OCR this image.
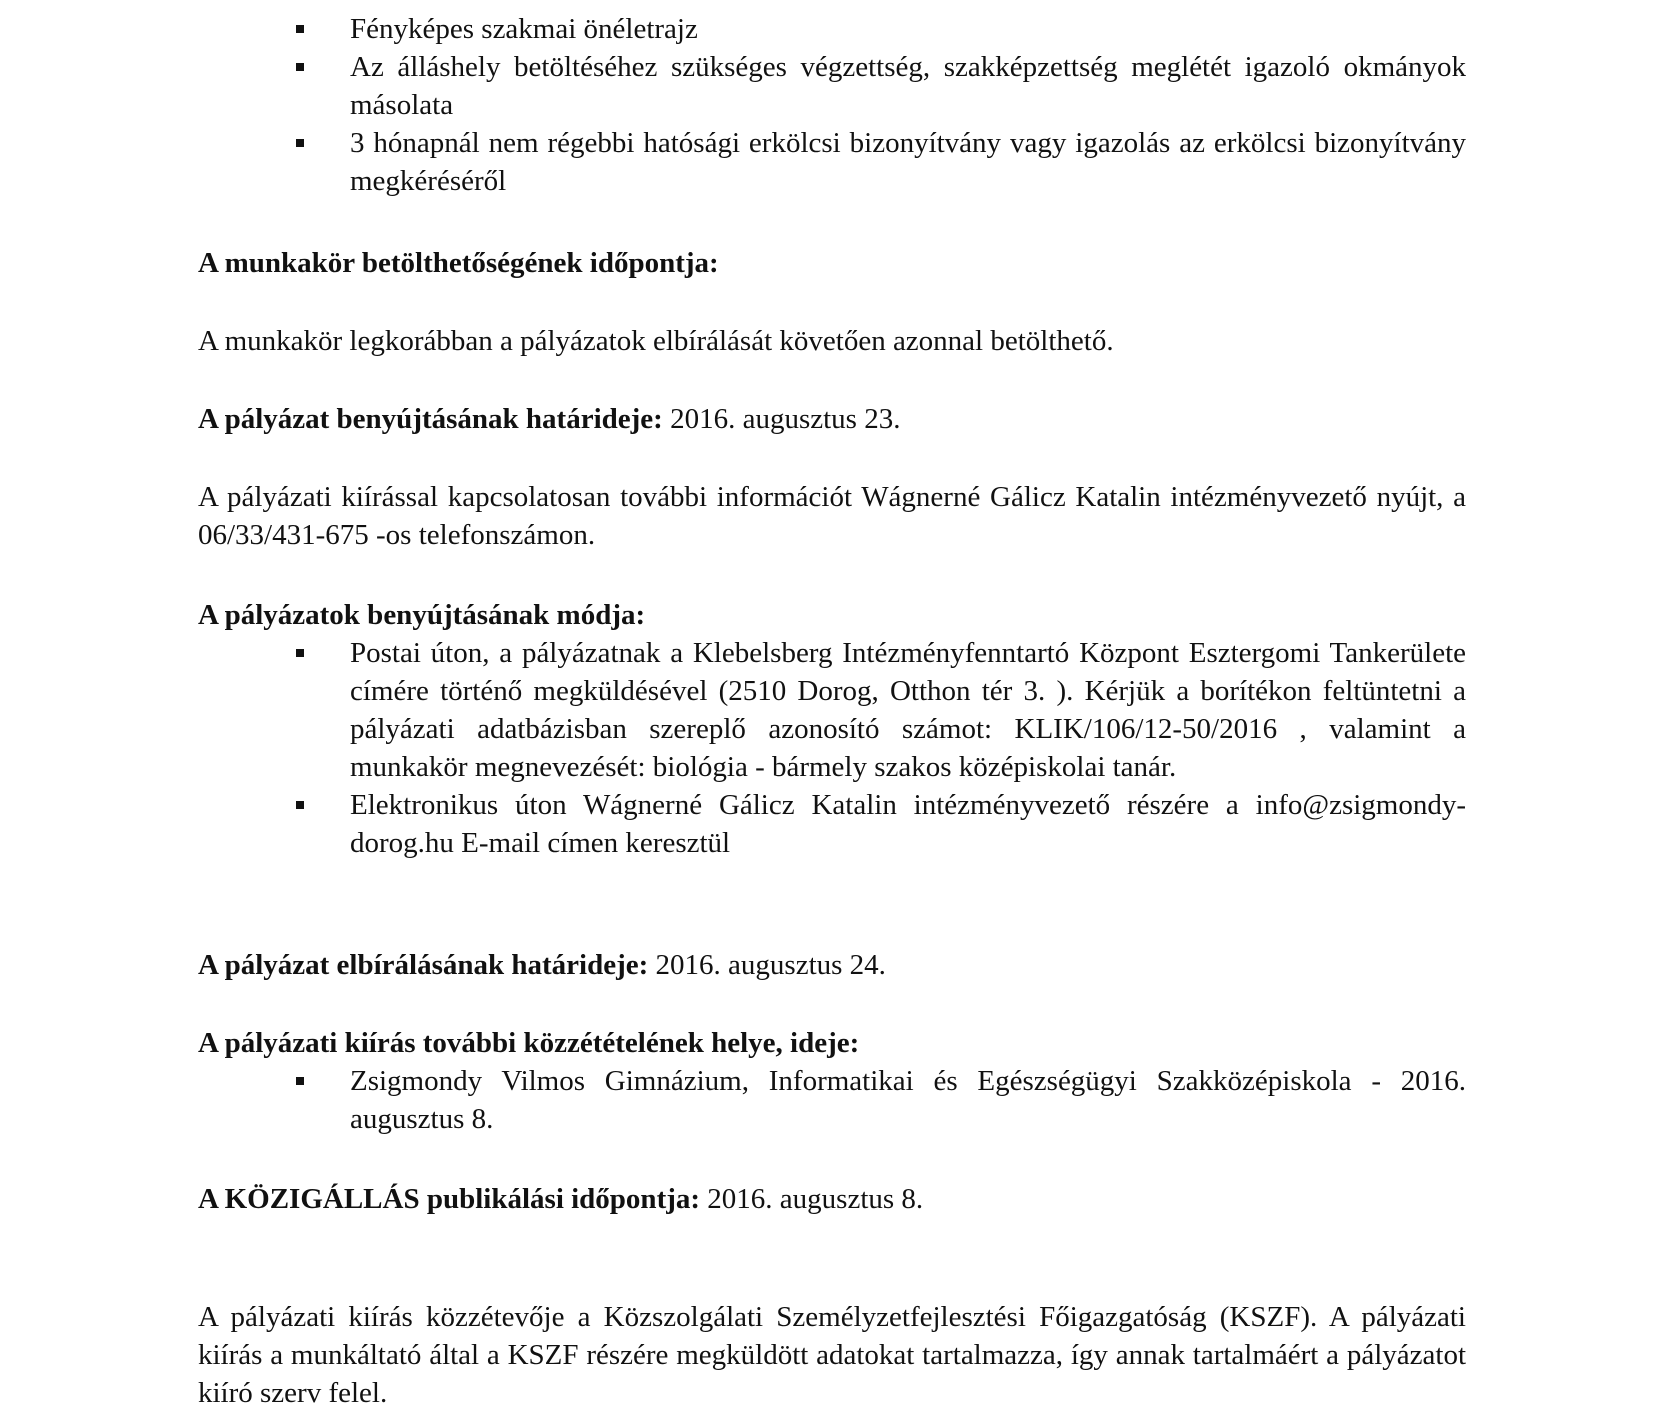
Fényképes szakmai önéletrajz
Az álláshely betöltéséhez szükséges végzettség, szakképzettség meglétét igazoló okmányok másolata
3 hónapnál nem régebbi hatósági erkölcsi bizonyítvány vagy igazolás az erkölcsi bizonyítvány megkéréséről

A munkakör betölthetőségének időpontja:

A munkakör legkorábban a pályázatok elbírálását követően azonnal betölthető.

A pályázat benyújtásának határideje: 2016. augusztus 23.

A pályázati kiírással kapcsolatosan további információt Wágnerné Gálicz Katalin intézményvezető nyújt, a 06/33/431-675 -os telefonszámon.

A pályázatok benyújtásának módja:

Postai úton, a pályázatnak a Klebelsberg Intézményfenntartó Központ Esztergomi Tankerülete címére történő megküldésével (2510 Dorog, Otthon tér 3. ). Kérjük a borítékon feltüntetni a pályázati adatbázisban szereplő azonosító számot: KLIK/106/12-50/2016 , valamint a munkakör megnevezését: biológia - bármely szakos középiskolai tanár.
Elektronikus úton Wágnerné Gálicz Katalin intézményvezető részére a info@zsigmondy-dorog.hu E-mail címen keresztül

A pályázat elbírálásának határideje: 2016. augusztus 24.

A pályázati kiírás további közzétételének helye, ideje:

Zsigmondy Vilmos Gimnázium, Informatikai és Egészségügyi Szakközépiskola - 2016. augusztus 8.

A KÖZIGÁLLÁS publikálási időpontja: 2016. augusztus 8.

A pályázati kiírás közzétevője a Közszolgálati Személyzetfejlesztési Főigazgatóság (KSZF). A pályázati kiírás a munkáltató által a KSZF részére megküldött adatokat tartalmazza, így annak tartalmáért a pályázatot kiíró szerv felel.
